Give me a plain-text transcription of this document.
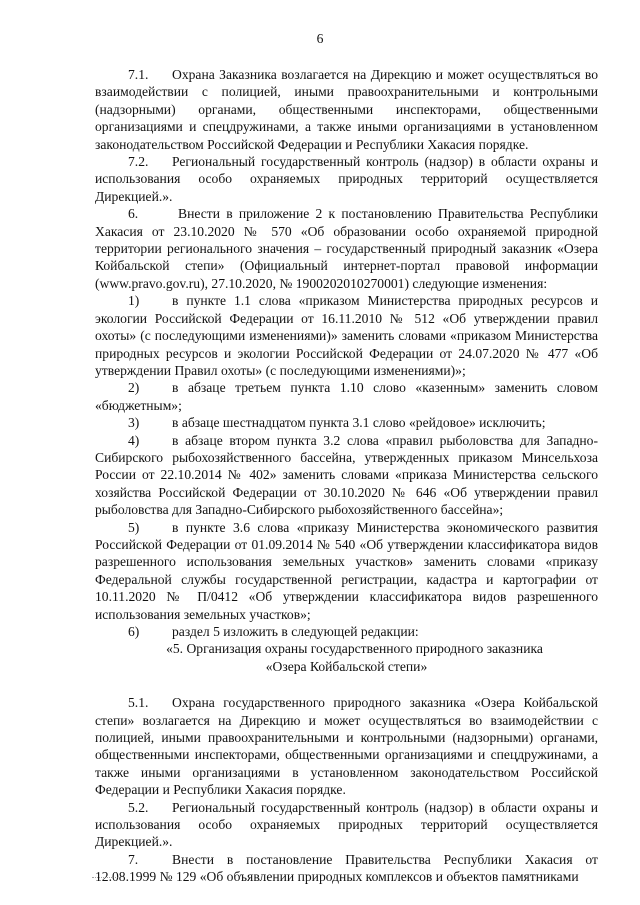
6

7.1. Охрана Заказника возлагается на Дирекцию и может осуществляться во взаимодействии с полицией, иными правоохранительными и контрольными (надзорными) органами, общественными инспекторами, общественными организациями и спецдружинами, а также иными организациями в установленном законодательством Российской Федерации и Республики Хакасия порядке.

7.2. Региональный государственный контроль (надзор) в области охраны и использования особо охраняемых природных территорий осуществляется Дирекцией.».

6.	Внести в приложение 2 к постановлению Правительства Республики Хакасия от 23.10.2020 № 570 «Об образовании особо охраняемой природной территории регионального значения – государственный природный заказник «Озера Койбальской степи» (Официальный интернет-портал правовой информации (www.pravo.gov.ru), 27.10.2020, № 1900202010270001) следующие изменения:

1) в пункте 1.1 слова «приказом Министерства природных ресурсов и экологии Российской Федерации от 16.11.2010 № 512 «Об утверждении правил охоты» (с последующими изменениями)» заменить словами «приказом Министерства природных ресурсов и экологии Российской Федерации от 24.07.2020 № 477 «Об утверждении Правил охоты» (с последующими изменениями)»;

2) в абзаце третьем пункта 1.10 слово «казенным» заменить словом «бюджетным»;

3) в абзаце шестнадцатом пункта 3.1 слово «рейдовое» исключить;

4) в абзаце втором пункта 3.2 слова «правил рыболовства для Западно-Сибирского рыбохозяйственного бассейна, утвержденных приказом Минсельхоза России от 22.10.2014 № 402» заменить словами «приказа Министерства сельского хозяйства Российской Федерации от 30.10.2020 № 646 «Об утверждении правил рыболовства для Западно-Сибирского рыбохозяйственного бассейна»;

5) в пункте 3.6 слова «приказу Министерства экономического развития Российской Федерации от 01.09.2014 № 540 «Об утверждении классификатора видов разрешенного использования земельных участков» заменить словами «приказу Федеральной службы государственной регистрации, кадастра и картографии от 10.11.2020 № П/0412 «Об утверждении классификатора видов разрешенного использования земельных участков»;

6) раздел 5 изложить в следующей редакции:

«5. Организация охраны государственного природного заказника

«Озера Койбальской степи»

5.1. Охрана государственного природного заказника «Озера Койбальской степи» возлагается на Дирекцию и может осуществляться во взаимодействии с полицией, иными правоохранительными и контрольными (надзорными) органами, общественными инспекторами, общественными организациями и спецдружинами, а также иными организациями в установленном законодательством Российской Федерации и Республики Хакасия порядке.

5.2. Региональный государственный контроль (надзор) в области охраны и использования особо охраняемых природных территорий осуществляется Дирекцией.».

7. Внести в постановление Правительства Республики Хакасия от 12.08.1999 № 129 «Об объявлении природных комплексов и объектов памятниками
